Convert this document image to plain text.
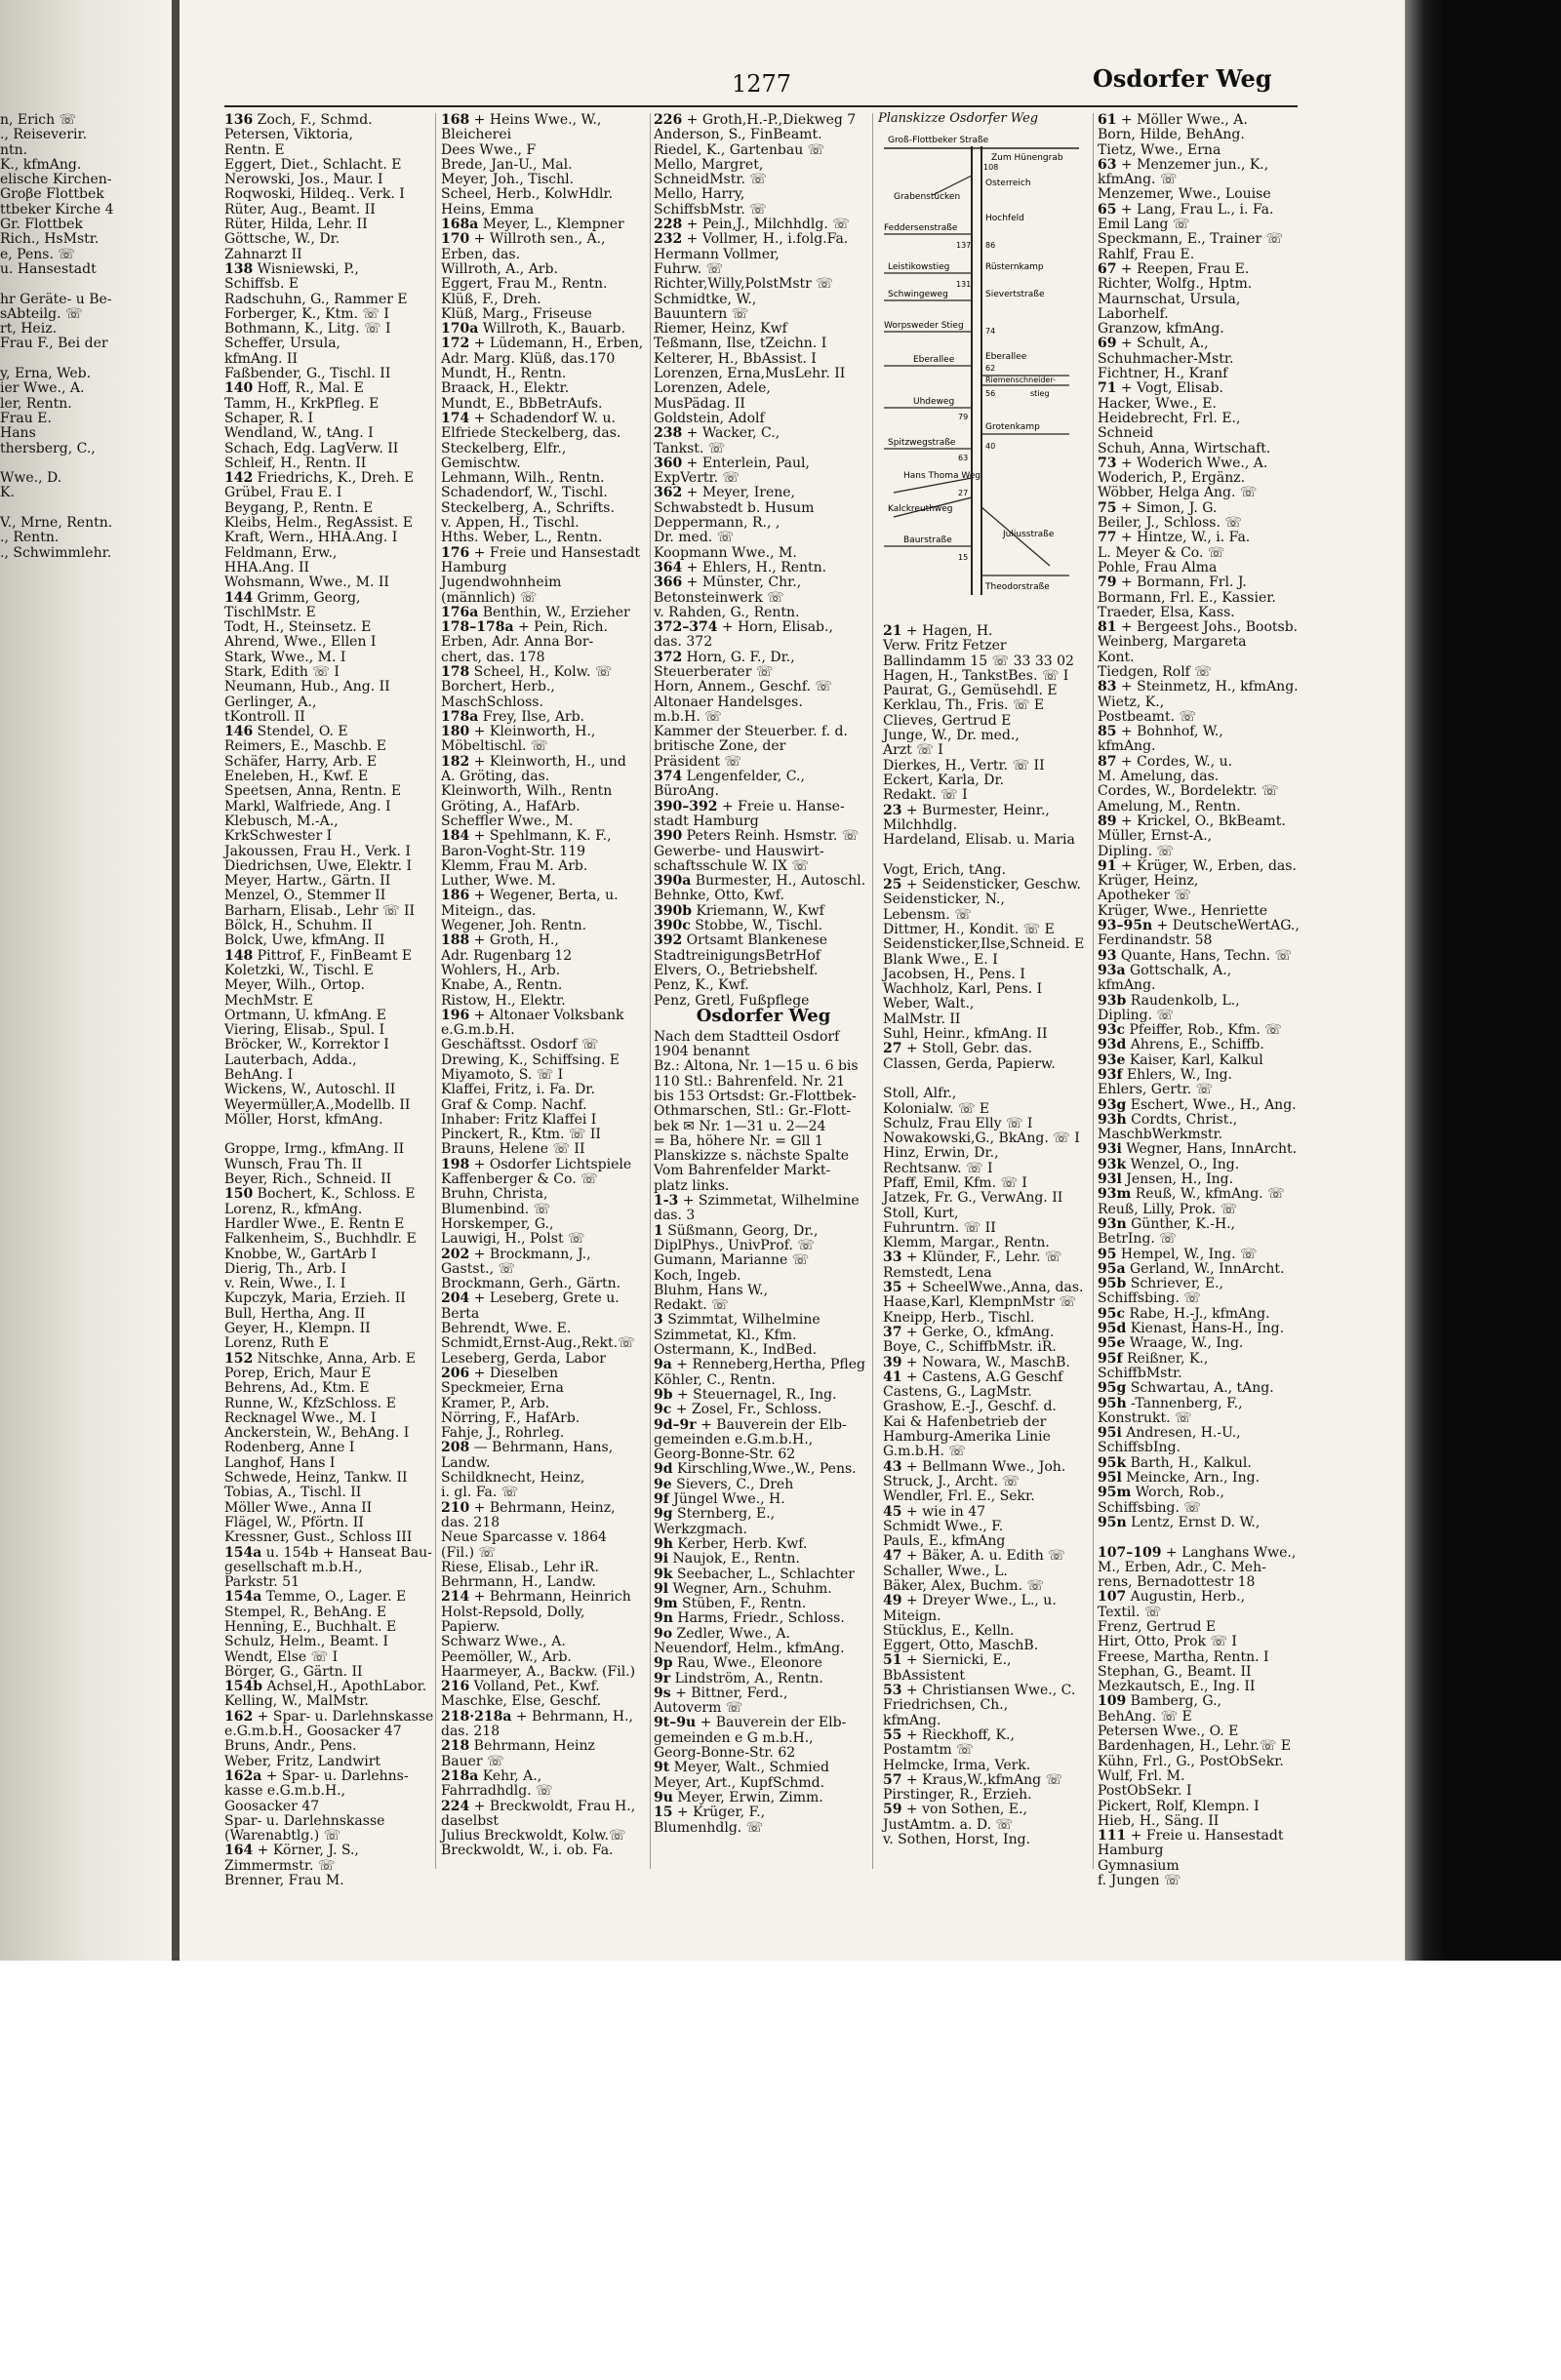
n, Erich ☏
., Reiseverir.
ntn.
K., kfmAng.
elische Kirchen-
Groβe Flottbek
ttbeker Kirche 4
Gr. Flottbek
Rich., HsMstr.
e, Pens. ☏
u. Hansestadt
hr Geräte- u Be-
sAbteilg. ☏
rt, Heiz.
Frau F., Bei der
y, Erna, Web.
ier Wwe., A.
ler, Rentn.
Frau E.
Hans
thersberg, C.,
Wwe., D.
K.
V., Mrne, Rentn.
., Rentn.
., Schwimmlehr.
1277	Osdorfer Weg
136 Zoch, F., Schmd.
Petersen, Viktoria,
Rentn. E
Eggert, Diet., Schlacht. E
Nerowski, Jos., Maur. I
Roqwoski, Hildeq.. Verk. I
Rüter, Aug., Beamt. II
Rüter, Hilda, Lehr. II
Göttsche, W., Dr.
Zahnarzt II
138 Wisniewski, P.,
Schiffsb. E
Radschuhn, G., Rammer E
Forberger, K., Ktm. ☏ I
Bothmann, K., Litg. ☏ I
Scheffer, Ursula,
kfmAng. II
Faßbender, G., Tischl. II
140 Hoff, R., Mal. E
Tamm, H., KrkPfleg. E
Schaper, R. I
Wendland, W., tAng. I
Schach, Edg. LagVerw. II
Schleif, H., Rentn. II
142 Friedrichs, K., Dreh. E
Grübel, Frau E. I
Beygang, P., Rentn. E
Kleibs, Helm., RegAssist. E
Kraft, Wern., HHA.Ang. I
Feldmann, Erw.,
HHA.Ang. II
Wohsmann, Wwe., M. II
144 Grimm, Georg,
TischlMstr. E
Todt, H., Steinsetz. E
Ahrend, Wwe., Ellen I
Stark, Wwe., M. I
Stark, Edith ☏ I
Neumann, Hub., Ang. II
Gerlinger, A.,
tKontroll. II
146 Stendel, O. E
Reimers, E., Maschb. E
Schäfer, Harry, Arb. E
Eneleben, H., Kwf. E
Speetsen, Anna, Rentn. E
Markl, Walfriede, Ang. I
Klebusch, M.-A.,
KrkSchwester I
Jakoussen, Frau H., Verk. I
Diedrichsen, Uwe, Elektr. I
Meyer, Hartw., Gärtn. II
Menzel, O., Stemmer II
Barharn, Elisab., Lehr ☏ II
Bölck, H., Schuhm. II
Bolck, Uwe, kfmAng. II
148 Pittrof, F., FinBeamt E
Koletzki, W., Tischl. E
Meyer, Wilh., Ortop.
MechMstr. E
Ortmann, U. kfmAng. E
Viering, Elisab., Spul. I
Bröcker, W., Korrektor I
Lauterbach, Adda.,
BehAng. I
Wickens, W., Autoschl. II
Weyermüller,A.,Modellb. II
Möller, Horst, kfmAng.
Groppe, Irmg., kfmAng. II
Wunsch, Frau Th. II
Beyer, Rich., Schneid. II
150 Bochert, K., Schloss. E
Lorenz, R., kfmAng.
Hardler Wwe., E. Rentn E
Falkenheim, S., Buchhdlr. E
Knobbe, W., GartArb I
Dierig, Th., Arb. I
v. Rein, Wwe., I. I
Kupczyk, Maria, Erzieh. II
Bull, Hertha, Ang. II
Geyer, H., Klempn. II
Lorenz, Ruth E
152 Nitschke, Anna, Arb. E
Porep, Erich, Maur E
Behrens, Ad., Ktm. E
Runne, W., KfzSchloss. E
Recknagel Wwe., M. I
Anckerstein, W., BehAng. I
Rodenberg, Anne I
Langhof, Hans I
Schwede, Heinz, Tankw. II
Tobias, A., Tischl. II
Möller Wwe., Anna II
Flägel, W., Pförtn. II
Kressner, Gust., Schloss III
154a u. 154b + Hanseat Bau-
gesellschaft m.b.H.,
Parkstr. 51
154a Temme, O., Lager. E
Stempel, R., BehAng. E
Henning, E., Buchhalt. E
Schulz, Helm., Beamt. I
Wendt, Else ☏ I
Börger, G., Gärtn. II
154b Achsel,H., ApothLabor.
Kelling, W., MalMstr.
162 + Spar- u. Darlehnskasse
e.G.m.b.H., Goosacker 47
Bruns, Andr., Pens.
Weber, Fritz, Landwirt
162a + Spar- u. Darlehns-
kasse e.G.m.b.H.,
Goosacker 47
Spar- u. Darlehnskasse
(Warenabtlg.) ☏
164 + Körner, J. S.,
Zimmermstr. ☏
Brenner, Frau M.
168 + Heins Wwe., W.,
Bleicherei
Dees Wwe., F
Brede, Jan-U., Mal.
Meyer, Joh., Tischl.
Scheel, Herb., KolwHdlr.
Heins, Emma
168a Meyer, L., Klempner
170 + Willroth sen., A.,
Erben, das.
Willroth, A., Arb.
Eggert, Frau M., Rentn.
Klüß, F., Dreh.
Klüß, Marg., Friseuse
170a Willroth, K., Bauarb.
172 + Lüdemann, H., Erben,
Adr. Marg. Klüß, das.170
Mundt, H., Rentn.
Braack, H., Elektr.
Mundt, E., BbBetrAufs.
174 + Schadendorf W. u.
Elfriede Steckelberg, das.
Steckelberg, Elfr.,
Gemischtw.
Lehmann, Wilh., Rentn.
Schadendorf, W., Tischl.
Steckelberg, A., Schrifts.
v. Appen, H., Tischl.
Hths. Weber, L., Rentn.
176 + Freie und Hansestadt
Hamburg
Jugendwohnheim
(männlich) ☏
176a Benthin, W., Erzieher
178–178a + Pein, Rich.
Erben, Adr. Anna Bor-
chert, das. 178
178 Scheel, H., Kolw. ☏
Borchert, Herb.,
MaschSchloss.
178a Frey, Ilse, Arb.
180 + Kleinworth, H.,
Möbeltischl. ☏
182 + Kleinworth, H., und
A. Gröting, das.
Kleinworth, Wilh., Rentn
Gröting, A., HafArb.
Scheffler Wwe., M.
184 + Spehlmann, K. F.,
Baron-Voght-Str. 119
Klemm, Frau M. Arb.
Luther, Wwe. M.
186 + Wegener, Berta, u.
Miteign., das.
Wegener, Joh. Rentn.
188 + Groth, H.,
Adr. Rugenbarg 12
Wohlers, H., Arb.
Knabe, A., Rentn.
Ristow, H., Elektr.
196 + Altonaer Volksbank
e.G.m.b.H.
Geschäftsst. Osdorf ☏
Drewing, K., Schiffsing. E
Miyamoto, S. ☏ I
Klaffei, Fritz, i. Fa. Dr.
Graf & Comp. Nachf.
Inhaber: Fritz Klaffei I
Pinckert, R., Ktm. ☏ II
Brauns, Helene ☏ II
198 + Osdorfer Lichtspiele
Kaffenberger & Co. ☏
Bruhn, Christa,
Blumenbind. ☏
Horskemper, G.,
Lauwigi, H., Polst ☏
202 + Brockmann, J.,
Gastst., ☏
Brockmann, Gerh., Gärtn.
204 + Leseberg, Grete u.
Berta
Behrendt, Wwe. E.
Schmidt,Ernst-Aug.,Rekt.☏
Leseberg, Gerda, Labor
206 + Dieselben
Speckmeier, Erna
Kramer, P., Arb.
Nörring, F., HafArb.
Fahje, J., Rohrleg.
208 — Behrmann, Hans,
Landw.
Schildknecht, Heinz,
i. gl. Fa. ☏
210 + Behrmann, Heinz,
das. 218
Neue Sparcasse v. 1864
(Fil.) ☏
Riese, Elisab., Lehr iR.
Behrmann, H., Landw.
214 + Behrmann, Heinrich
Holst-Repsold, Dolly,
Papierw.
Schwarz Wwe., A.
Peemöller, W., Arb.
Haarmeyer, A., Backw. (Fil.)
216 Volland, Pet., Kwf.
Maschke, Else, Geschf.
218·218a + Behrmann, H.,
das. 218
218 Behrmann, Heinz
Bauer ☏
218a Kehr, A.,
Fahrradhdlg. ☏
224 + Breckwoldt, Frau H.,
daselbst
Julius Breckwoldt, Kolw.☏
Breckwoldt, W., i. ob. Fa.
226 + Groth,H.-P.,Diekweg 7
Anderson, S., FinBeamt.
Riedel, K., Gartenbau ☏
Mello, Margret,
SchneidMstr. ☏
Mello, Harry,
SchiffsbMstr. ☏
228 + Pein,J., Milchhdlg. ☏
232 + Vollmer, H., i.folg.Fa.
Hermann Vollmer,
Fuhrw. ☏
Richter,Willy,PolstMstr ☏
Schmidtke, W.,
Bauuntern ☏
Riemer, Heinz, Kwf
Teßmann, Ilse, tZeichn. I
Kelterer, H., BbAssist. I
Lorenzen, Erna,MusLehr. II
Lorenzen, Adele,
MusPädag. II
Goldstein, Adolf
238 + Wacker, C.,
Tankst. ☏
360 + Enterlein, Paul,
ExpVertr. ☏
362 + Meyer, Irene,
Schwabstedt b. Husum
Deppermann, R., ,
Dr. med. ☏
Koopmann Wwe., M.
364 + Ehlers, H., Rentn.
366 + Münster, Chr.,
Betonsteinwerk ☏
v. Rahden, G., Rentn.
372–374 + Horn, Elisab.,
das. 372
372 Horn, G. F., Dr.,
Steuerberater ☏
Horn, Annem., Geschf. ☏
Altonaer Handelsges.
m.b.H. ☏
Kammer der Steuerber. f. d.
britische Zone, der
Präsident ☏
374 Lengenfelder, C.,
BüroAng.
390–392 + Freie u. Hanse-
stadt Hamburg
390 Peters Reinh. Hsmstr. ☏
Gewerbe- und Hauswirt-
schaftsschule W. IX ☏
390a Burmester, H., Autoschl.
Behnke, Otto, Kwf.
390b Kriemann, W., Kwf
390c Stobbe, W., Tischl.
392 Ortsamt Blankenese
StadtreinigungsBetrHof
Elvers, O., Betriebshelf.
Penz, K., Kwf.
Penz, Gretl, Fußpflege
Osdorfer Weg
Nach dem Stadtteil Osdorf
1904 benannt
Bz.: Altona, Nr. 1—15 u. 6 bis
110 Stl.: Bahrenfeld. Nr. 21
bis 153 Ortsdst: Gr.-Flottbek-
Othmarschen, Stl.: Gr.-Flott-
bek ✉ Nr. 1—31 u. 2—24
= Ba, höhere Nr. = Gll 1
Planskizze s. nächste Spalte
Vom Bahrenfelder Markt-
platz links.
1-3 + Szimmetat, Wilhelmine
das. 3
1 Süßmann, Georg, Dr.,
DiplPhys., UnivProf. ☏
Gumann, Marianne ☏
Koch, Ingeb.
Bluhm, Hans W.,
Redakt. ☏
3 Szimmtat, Wilhelmine
Szimmetat, Kl., Kfm.
Ostermann, K., IndBed.
9a + Renneberg,Hertha, Pfleg
Köhler, C., Rentn.
9b + Steuernagel, R., Ing.
9c + Zosel, Fr., Schloss.
9d–9r + Bauverein der Elb-
gemeinden e.G.m.b.H.,
Georg-Bonne-Str. 62
9d Kirschling,Wwe.,W., Pens.
9e Sievers, C., Dreh
9f Jüngel Wwe., H.
9g Sternberg, E.,
Werkzgmach.
9h Kerber, Herb. Kwf.
9i Naujok, E., Rentn.
9k Seebacher, L., Schlachter
9l Wegner, Arn., Schuhm.
9m Stüben, F., Rentn.
9n Harms, Friedr., Schloss.
9o Zedler, Wwe., A.
Neuendorf, Helm., kfmAng.
9p Rau, Wwe., Eleonore
9r Lindström, A., Rentn.
9s + Bittner, Ferd.,
Autoverm ☏
9t–9u + Bauverein der Elb-
gemeinden e G m.b.H.,
Georg-Bonne-Str. 62
9t Meyer, Walt., Schmied
Meyer, Art., KupfSchmd.
9u Meyer, Erwin, Zimm.
15 + Krüger, F.,
Blumenhdlg. ☏
Planskizze Osdorfer Weg
Groß-Flottbeker Straße
Zum Hünengrab
108
Osterreich
Grabenstücken
Hochfeld
Feddersenstraße
137 86
Leistikowstieg	Rüsternkamp
131
Schwingeweg	Sievertstraße
Worpsweder Stieg
74
Eberallee	Eberallee
62
Riemenschneider-
stieg
56
Uhdeweg
79
Grotenkamp
Spitzwegstraße
63
40
Hans Thoma Weg
27
Kalckreuthweg
Juliusstraße
Baurstraße
15
Theodorstraße
21 + Hagen, H.
Verw. Fritz Fetzer
Ballindamm 15 ☏ 33 33 02
Hagen, H., TankstBes. ☏ I
Paurat, G., Gemüsehdl. E
Kerklau, Th., Fris. ☏ E
Clieves, Gertrud E
Junge, W., Dr. med.,
Arzt ☏ I
Dierkes, H., Vertr. ☏ II
Eckert, Karla, Dr.
Redakt. ☏ I
23 + Burmester, Heinr.,
Milchhdlg.
Hardeland, Elisab. u. Maria
Vogt, Erich, tAng.
25 + Seidensticker, Geschw.
Seidensticker, N.,
Lebensm. ☏
Dittmer, H., Kondit. ☏ E
Seidensticker,Ilse,Schneid. E
Blank Wwe., E. I
Jacobsen, H., Pens. I
Wachholz, Karl, Pens. I
Weber, Walt.,
MalMstr. II
Suhl, Heinr., kfmAng. II
27 + Stoll, Gebr. das.
Classen, Gerda, Papierw.
Stoll, Alfr.,
Kolonialw. ☏ E
Schulz, Frau Elly ☏ I
Nowakowski,G., BkAng. ☏ I
Hinz, Erwin, Dr.,
Rechtsanw. ☏ I
Pfaff, Emil, Kfm. ☏ I
Jatzek, Fr. G., VerwAng. II
Stoll, Kurt,
Fuhruntrn. ☏ II
Klemm, Margar., Rentn.
33 + Klünder, F., Lehr. ☏
Remstedt, Lena
35 + ScheelWwe.,Anna, das.
Haase,Karl, KlempnMstr ☏
Kneipp, Herb., Tischl.
37 + Gerke, O., kfmAng.
Boye, C., SchiffbMstr. iR.
39 + Nowara, W., MaschB.
41 + Castens, A.G Geschf
Castens, G., LagMstr.
Grashow, E.-J., Geschf. d.
Kai & Hafenbetrieb der
Hamburg-Amerika Linie
G.m.b.H. ☏
43 + Bellmann Wwe., Joh.
Struck, J., Archt. ☏
Wendler, Frl. E., Sekr.
45 + wie in 47
Schmidt Wwe., F.
Pauls, E., kfmAng
47 + Bäker, A. u. Edith ☏
Schaller, Wwe., L.
Bäker, Alex, Buchm. ☏
49 + Dreyer Wwe., L., u.
Miteign.
Stücklus, E., Kelln.
Eggert, Otto, MaschB.
51 + Siernicki, E.,
BbAssistent
53 + Christiansen Wwe., C.
Friedrichsen, Ch.,
kfmAng.
55 + Rieckhoff, K.,
Postamtm ☏
Helmcke, Irma, Verk.
57 + Kraus,W.,kfmAng ☏
Pirstinger, R., Erzieh.
59 + von Sothen, E.,
JustAmtm. a. D. ☏
v. Sothen, Horst, Ing.
61 + Möller Wwe., A.
Born, Hilde, BehAng.
Tietz, Wwe., Erna
63 + Menzemer jun., K.,
kfmAng. ☏
Menzemer, Wwe., Louise
65 + Lang, Frau L., i. Fa.
Emil Lang ☏
Speckmann, E., Trainer ☏
Rahlf, Frau E.
67 + Reepen, Frau E.
Richter, Wolfg., Hptm.
Maurnschat, Ursula,
Laborhelf.
Granzow, kfmAng.
69 + Schult, A.,
Schuhmacher-Mstr.
Fichtner, H., Kranf
71 + Vogt, Elisab.
Hacker, Wwe., E.
Heidebrecht, Frl. E.,
Schneid
Schuh, Anna, Wirtschaft.
73 + Woderich Wwe., A.
Woderich, P., Ergänz.
Wöbber, Helga Ang. ☏
75 + Simon, J. G.
Beiler, J., Schloss. ☏
77 + Hintze, W., i. Fa.
L. Meyer & Co. ☏
Pohle, Frau Alma
79 + Bormann, Frl. J.
Bormann, Frl. E., Kassier.
Traeder, Elsa, Kass.
81 + Bergeest Johs., Bootsb.
Weinberg, Margareta
Kont.
Tiedgen, Rolf ☏
83 + Steinmetz, H., kfmAng.
Wietz, K.,
Postbeamt. ☏
85 + Bohnhof, W.,
kfmAng.
87 + Cordes, W., u.
M. Amelung, das.
Cordes, W., Bordelektr. ☏
Amelung, M., Rentn.
89 + Krickel, O., BkBeamt.
Müller, Ernst-A.,
Dipling. ☏
91 + Krüger, W., Erben, das.
Krüger, Heinz,
Apotheker ☏
Krüger, Wwe., Henriette
93–95n + DeutscheWertAG.,
Ferdinandstr. 58
93 Quante, Hans, Techn. ☏
93a Gottschalk, A.,
kfmAng.
93b Raudenkolb, L.,
Dipling. ☏
93c Pfeiffer, Rob., Kfm. ☏
93d Ahrens, E., Schiffb.
93e Kaiser, Karl, Kalkul
93f Ehlers, W., Ing.
Ehlers, Gertr. ☏
93g Eschert, Wwe., H., Ang.
93h Cordts, Christ.,
MaschbWerkmstr.
93i Wegner, Hans, InnArcht.
93k Wenzel, O., Ing.
93l Jensen, H., Ing.
93m Reuß, W., kfmAng. ☏
Reuß, Lilly, Prok. ☏
93n Günther, K.-H.,
BetrIng. ☏
95 Hempel, W., Ing. ☏
95a Gerland, W., InnArcht.
95b Schriever, E.,
Schiffsbing. ☏
95c Rabe, H.-J., kfmAng.
95d Kienast, Hans-H., Ing.
95e Wraage, W., Ing.
95f Reißner, K.,
SchiffbMstr.
95g Schwartau, A., tAng.
95h -Tannenberg, F.,
Konstrukt. ☏
95i Andresen, H.-U.,
SchiffsbIng.
95k Barth, H., Kalkul.
95l Meincke, Arn., Ing.
95m Worch, Rob.,
Schiffsbing. ☏
95n Lentz, Ernst D. W.,
107–109 + Langhans Wwe.,
M., Erben, Adr., C. Meh-
rens, Bernadottestr 18
107 Augustin, Herb.,
Textil. ☏
Frenz, Gertrud E
Hirt, Otto, Prok ☏ I
Freese, Martha, Rentn. I
Stephan, G., Beamt. II
Mezkautsch, E., Ing. II
109 Bamberg, G.,
BehAng. ☏ E
Petersen Wwe., O. E
Bardenhagen, H., Lehr.☏ E
Kühn, Frl., G., PostObSekr.
Wulf, Frl. M.
PostObSekr. I
Pickert, Rolf, Klempn. I
Hieb, H., Säng. II
111 + Freie u. Hansestadt
Hamburg
Gymnasium
f. Jungen ☏
